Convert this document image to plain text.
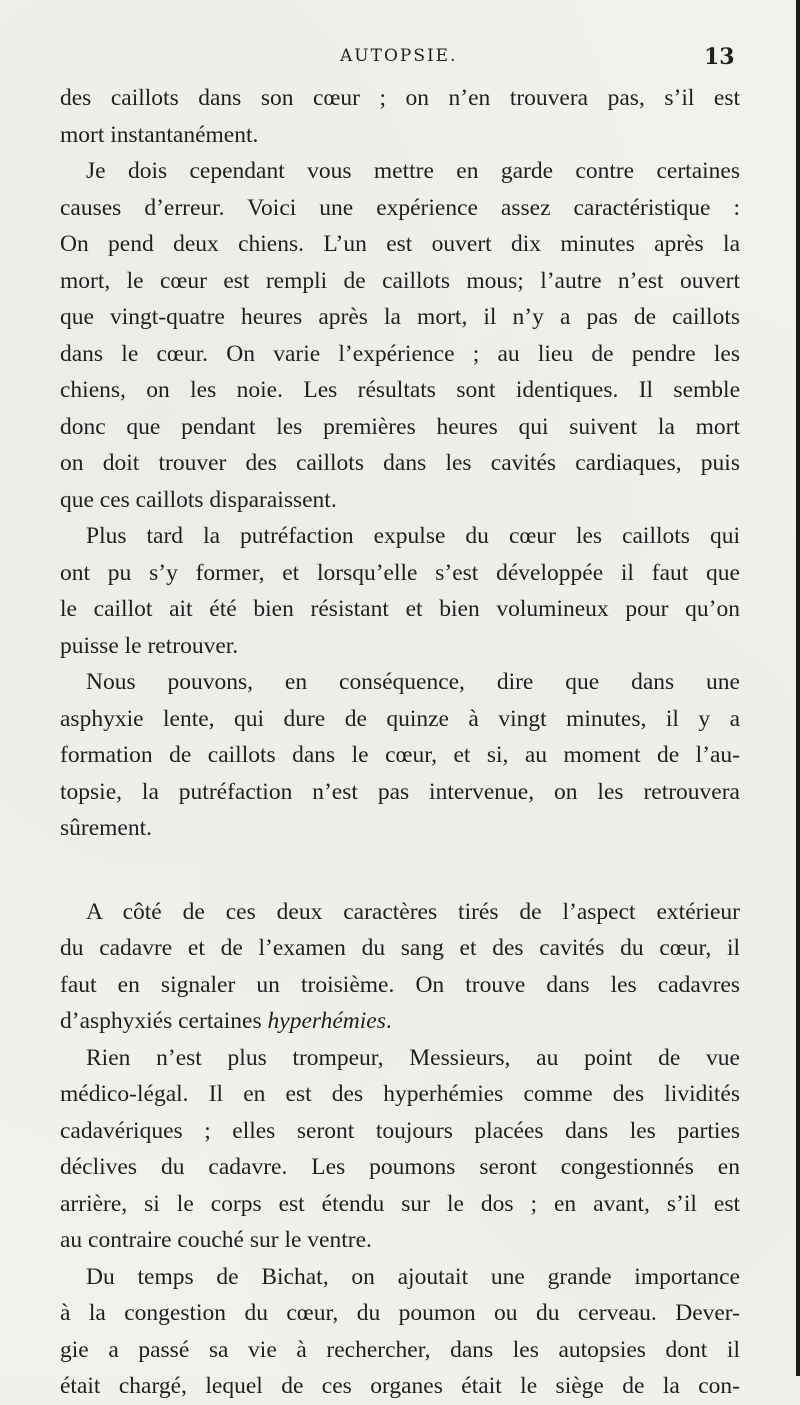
AUTOPSIE.	13
des caillots dans son cœur ; on n’en trouvera pas, s’il est
mort instantanément.
Je dois cependant vous mettre en garde contre certaines
causes d’erreur. Voici une expérience assez caractéristique :
On pend deux chiens. L’un est ouvert dix minutes après la
mort, le cœur est rempli de caillots mous; l’autre n’est ouvert
que vingt-quatre heures après la mort, il n’y a pas de caillots
dans le cœur. On varie l’expérience ; au lieu de pendre les
chiens, on les noie. Les résultats sont identiques. Il semble
donc que pendant les premières heures qui suivent la mort
on doit trouver des caillots dans les cavités cardiaques, puis
que ces caillots disparaissent.
Plus tard la putréfaction expulse du cœur les caillots qui
ont pu s’y former, et lorsqu’elle s’est développée il faut que
le caillot ait été bien résistant et bien volumineux pour qu’on
puisse le retrouver.
Nous pouvons, en conséquence, dire que dans une
asphyxie lente, qui dure de quinze à vingt minutes, il y a
formation de caillots dans le cœur, et si, au moment de l’au-
topsie, la putréfaction n’est pas intervenue, on les retrouvera
sûrement.
A côté de ces deux caractères tirés de l’aspect extérieur
du cadavre et de l’examen du sang et des cavités du cœur, il
faut en signaler un troisième. On trouve dans les cadavres
d’asphyxiés certaines hyperhémies.
Rien n’est plus trompeur, Messieurs, au point de vue
médico-légal. Il en est des hyperhémies comme des lividités
cadavériques ; elles seront toujours placées dans les parties
déclives du cadavre. Les poumons seront congestionnés en
arrière, si le corps est étendu sur le dos ; en avant, s’il est
au contraire couché sur le ventre.
Du temps de Bichat, on ajoutait une grande importance
à la congestion du cœur, du poumon ou du cerveau. Dever-
gie a passé sa vie à rechercher, dans les autopsies dont il
était chargé, lequel de ces organes était le siège de la con-
